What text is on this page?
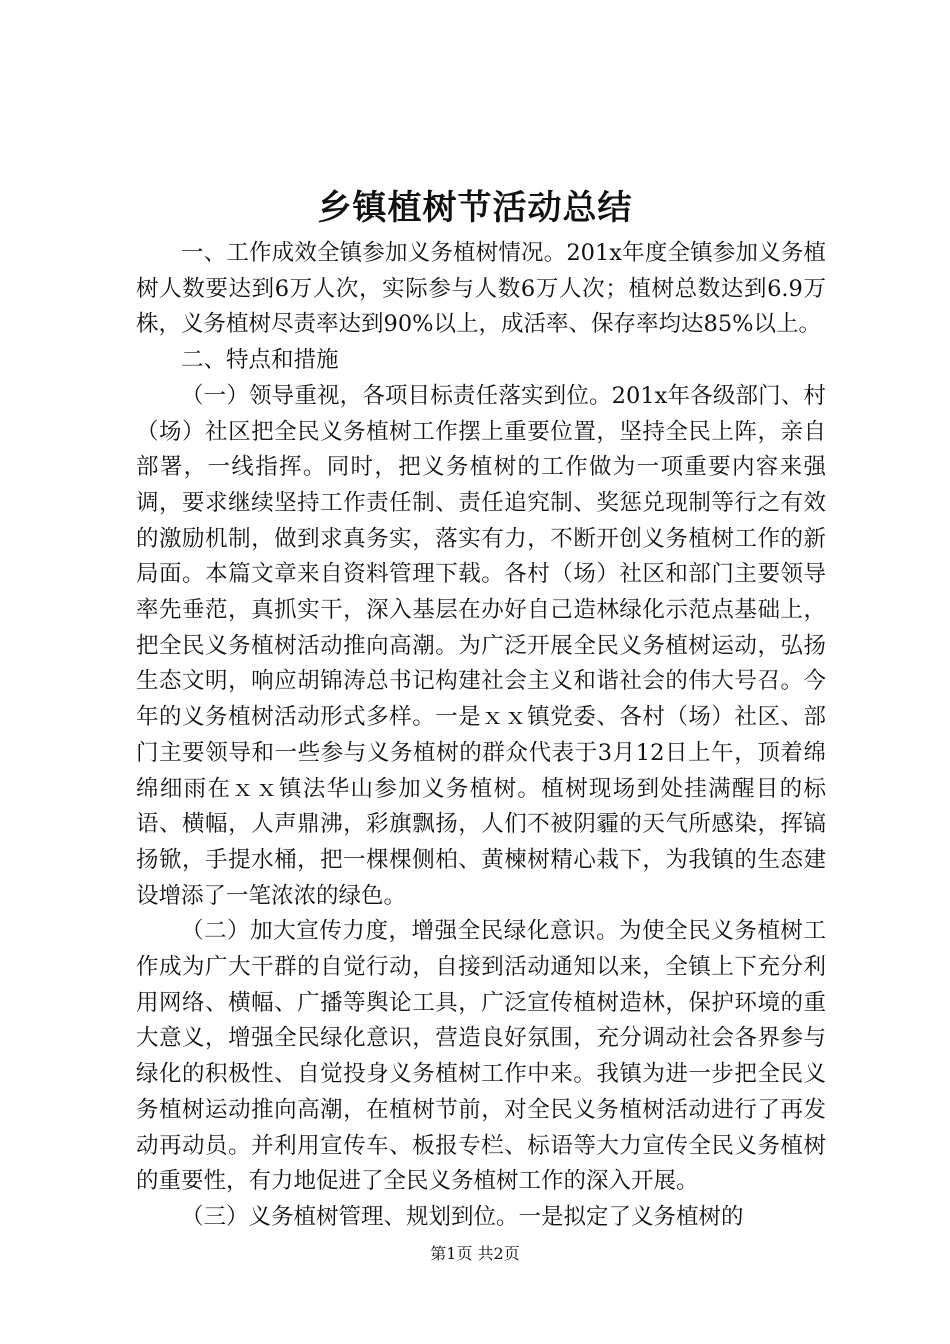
乡镇植树节活动总结

一、工作成效全镇参加义务植树情况。201x年度全镇参加义务植树人数要达到6万人次，实际参与人数6万人次；植树总数达到6.9万株，义务植树尽责率达到90%以上，成活率、保存率均达85%以上。

二、特点和措施

（一）领导重视，各项目标责任落实到位。201x年各级部门、村（场）社区把全民义务植树工作摆上重要位置，坚持全民上阵，亲自部署，一线指挥。同时，把义务植树的工作做为一项重要内容来强调，要求继续坚持工作责任制、责任追究制、奖惩兑现制等行之有效的激励机制，做到求真务实，落实有力，不断开创义务植树工作的新局面。本篇文章来自资料管理下载。各村（场）社区和部门主要领导率先垂范，真抓实干，深入基层在办好自己造林绿化示范点基础上，把全民义务植树活动推向高潮。为广泛开展全民义务植树运动，弘扬生态文明，响应胡锦涛总书记构建社会主义和谐社会的伟大号召。今年的义务植树活动形式多样。一是ｘｘ镇党委、各村（场）社区、部门主要领导和一些参与义务植树的群众代表于3月12日上午，顶着绵绵细雨在ｘｘ镇法华山参加义务植树。植树现场到处挂满醒目的标语、横幅，人声鼎沸，彩旗飘扬，人们不被阴霾的天气所感染，挥镐扬锨，手提水桶，把一棵棵侧柏、黄楝树精心栽下，为我镇的生态建设增添了一笔浓浓的绿色。

（二）加大宣传力度，增强全民绿化意识。为使全民义务植树工作成为广大干群的自觉行动，自接到活动通知以来，全镇上下充分利用网络、横幅、广播等舆论工具，广泛宣传植树造林，保护环境的重大意义，增强全民绿化意识，营造良好氛围，充分调动社会各界参与绿化的积极性、自觉投身义务植树工作中来。我镇为进一步把全民义务植树运动推向高潮，在植树节前，对全民义务植树活动进行了再发动再动员。并利用宣传车、板报专栏、标语等大力宣传全民义务植树的重要性，有力地促进了全民义务植树工作的深入开展。

（三）义务植树管理、规划到位。一是拟定了义务植树的

第1页 共2页
